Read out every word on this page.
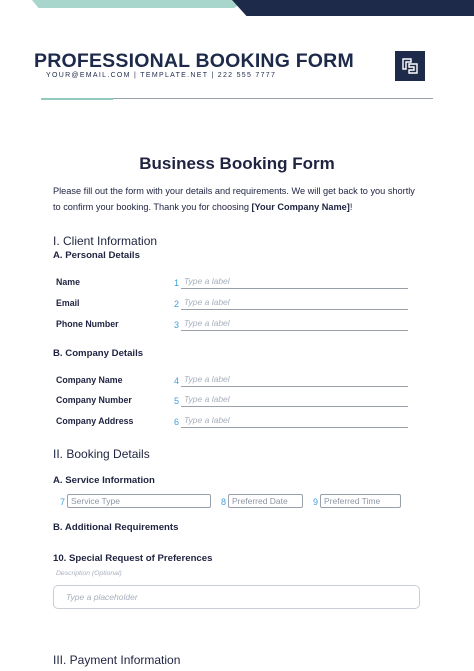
PROFESSIONAL BOOKING FORM
YOUR@EMAIL.COM | TEMPLATE.NET | 222 555 7777
Business Booking Form
Please fill out the form with your details and requirements. We will get back to you shortly to confirm your booking. Thank you for choosing [Your Company Name]!
I. Client Information
A. Personal Details
Name	1 Type a label
Email	2 Type a label
Phone Number	3 Type a label
B. Company Details
Company Name	4 Type a label
Company Number	5 Type a label
Company Address	6 Type a label
II. Booking Details
A. Service Information
7 Service Type	8 Preferred Date	9 Preferred Time
B. Additional Requirements
10. Special Request of Preferences
Description (Optional)
Type a placeholder
III. Payment Information
